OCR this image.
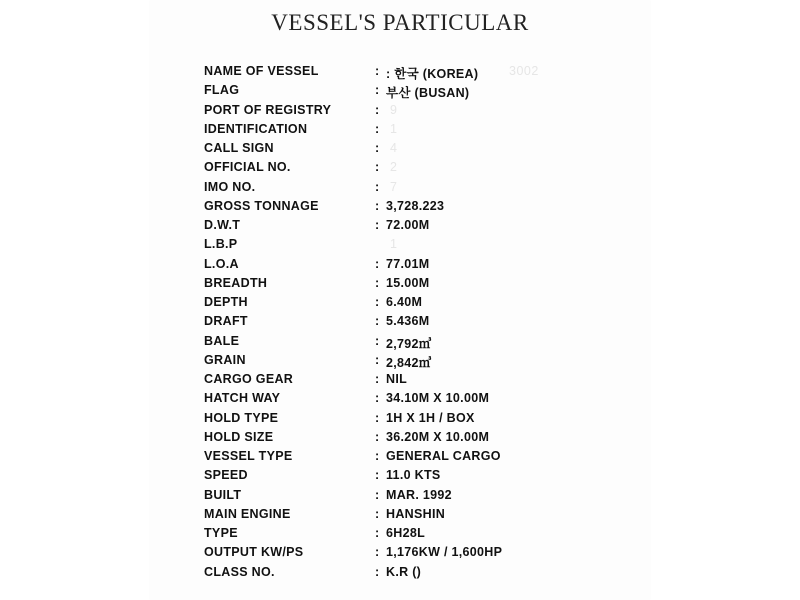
VESSEL'S PARTICULAR
NAME OF VESSEL	: : 한국 (KOREA) 3002
FLAG	: 부산 (BUSAN)
PORT OF REGISTRY	: 9
IDENTIFICATION	: 1
CALL SIGN	: 4
OFFICIAL NO.	: 2
IMO NO.	: 7
GROSS TONNAGE	: 3,728.223
D.W.T	: 72.00M
L.B.P	1
L.O.A	: 77.01M
BREADTH	: 15.00M
DEPTH	: 6.40M
DRAFT	: 5.436M
BALE	: 2,792㎥
GRAIN	: 2,842㎥
CARGO GEAR	: NIL
HATCH WAY	: 34.10M X 10.00M
HOLD TYPE	: 1H X 1H / BOX
HOLD SIZE	: 36.20M X 10.00M
VESSEL TYPE	: GENERAL CARGO
SPEED	: 11.0 KTS
BUILT	: MAR. 1992
MAIN ENGINE	: HANSHIN
TYPE	: 6H28L
OUTPUT KW/PS	: 1,176KW / 1,600HP
CLASS NO.	: K.R ()
